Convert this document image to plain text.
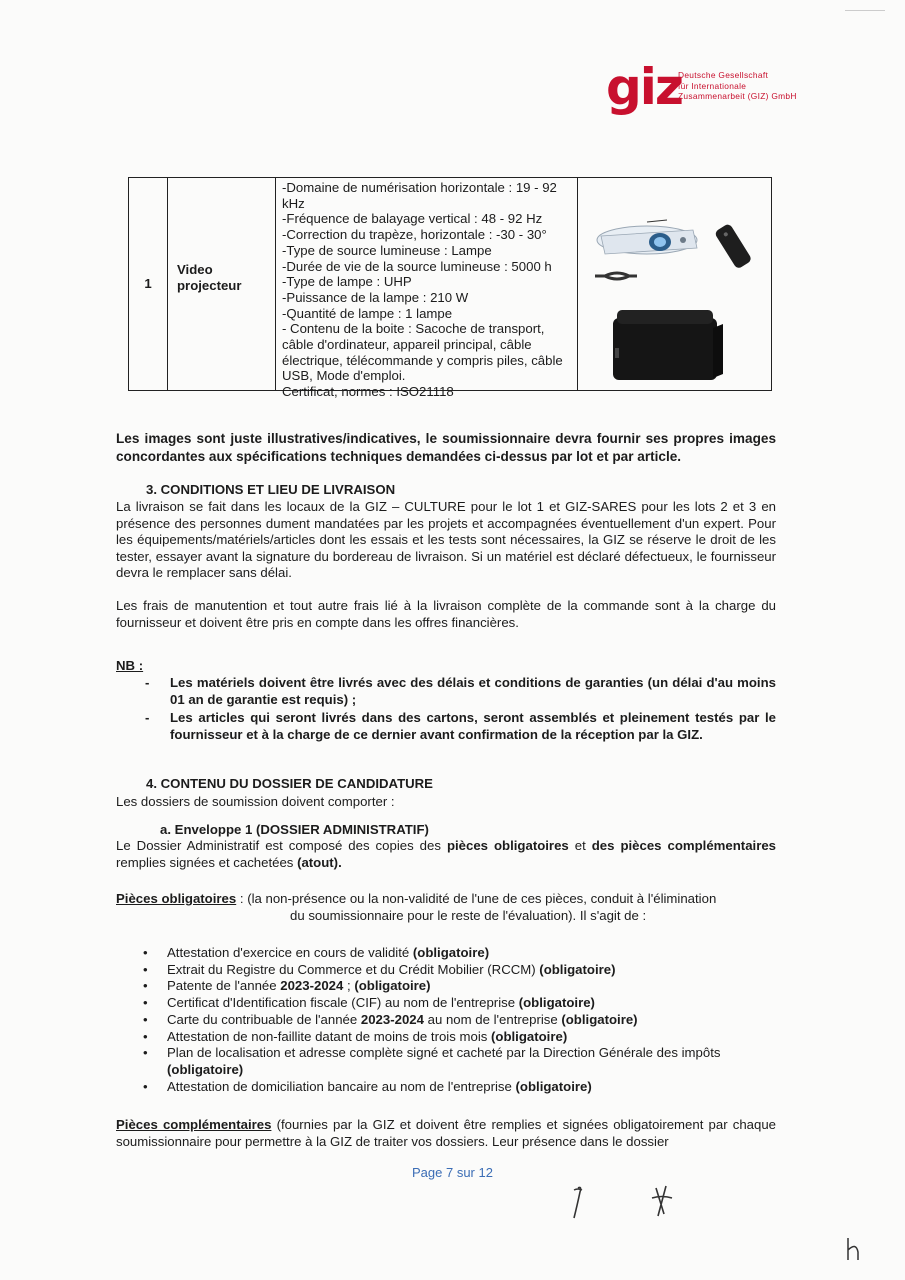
giz
Deutsche Gesellschaft
für Internationale
Zusammenarbeit (GIZ) GmbH
1
Video projecteur
-Domaine de numérisation horizontale : 19 - 92 kHz
-Fréquence de balayage vertical : 48 - 92 Hz
-Correction du trapèze, horizontale : -30 - 30°
-Type de source lumineuse : Lampe
-Durée de vie de la source lumineuse : 5000 h
-Type de lampe : UHP
-Puissance de la lampe : 210 W
-Quantité de lampe : 1 lampe
- Contenu de la boite : Sacoche de transport, câble d'ordinateur, appareil principal, câble électrique, télécommande y compris piles, câble USB, Mode d'emploi.
Certificat, normes : ISO21118
Les images sont juste illustratives/indicatives, le soumissionnaire devra fournir ses propres images concordantes aux spécifications techniques demandées ci-dessus par lot et par article.
3. CONDITIONS ET LIEU DE LIVRAISON
La livraison se fait dans les locaux de la GIZ – CULTURE pour le lot 1 et GIZ-SARES pour les lots 2 et 3 en présence des personnes dument mandatées par les projets et accompagnées éventuellement d'un expert. Pour les équipements/matériels/articles dont les essais et les tests sont nécessaires, la GIZ se réserve le droit de les tester, essayer avant la signature du bordereau de livraison. Si un matériel est déclaré défectueux, le fournisseur devra le remplacer sans délai.
Les frais de manutention et tout autre frais lié à la livraison complète de la commande sont à la charge du fournisseur et doivent être pris en compte dans les offres financières.
NB :
- Les matériels doivent être livrés avec des délais et conditions de garanties (un délai d'au moins 01 an de garantie est requis) ;
- Les articles qui seront livrés dans des cartons, seront assemblés et pleinement testés par le fournisseur et à la charge de ce dernier avant confirmation de la réception par la GIZ.
4. CONTENU DU DOSSIER DE CANDIDATURE
Les dossiers de soumission doivent comporter :
a. Enveloppe 1 (DOSSIER ADMINISTRATIF)
Le Dossier Administratif est composé des copies des pièces obligatoires et des pièces complémentaires remplies signées et cachetées (atout).
Pièces obligatoires : (la non-présence ou la non-validité de l'une de ces pièces, conduit à l'élimination
du soumissionnaire pour le reste de l'évaluation). Il s'agit de :
• Attestation d'exercice en cours de validité (obligatoire)
• Extrait du Registre du Commerce et du Crédit Mobilier (RCCM) (obligatoire)
• Patente de l'année 2023-2024 ; (obligatoire)
• Certificat d'Identification fiscale (CIF) au nom de l'entreprise (obligatoire)
• Carte du contribuable de l'année 2023-2024 au nom de l'entreprise (obligatoire)
• Attestation de non-faillite datant de moins de trois mois (obligatoire)
• Plan de localisation et adresse complète signé et cacheté par la Direction Générale des impôts (obligatoire)
• Attestation de domiciliation bancaire au nom de l'entreprise (obligatoire)
Pièces complémentaires (fournies par la GIZ et doivent être remplies et signées obligatoirement par chaque soumissionnaire pour permettre à la GIZ de traiter vos dossiers. Leur présence dans le dossier
Page 7 sur 12
